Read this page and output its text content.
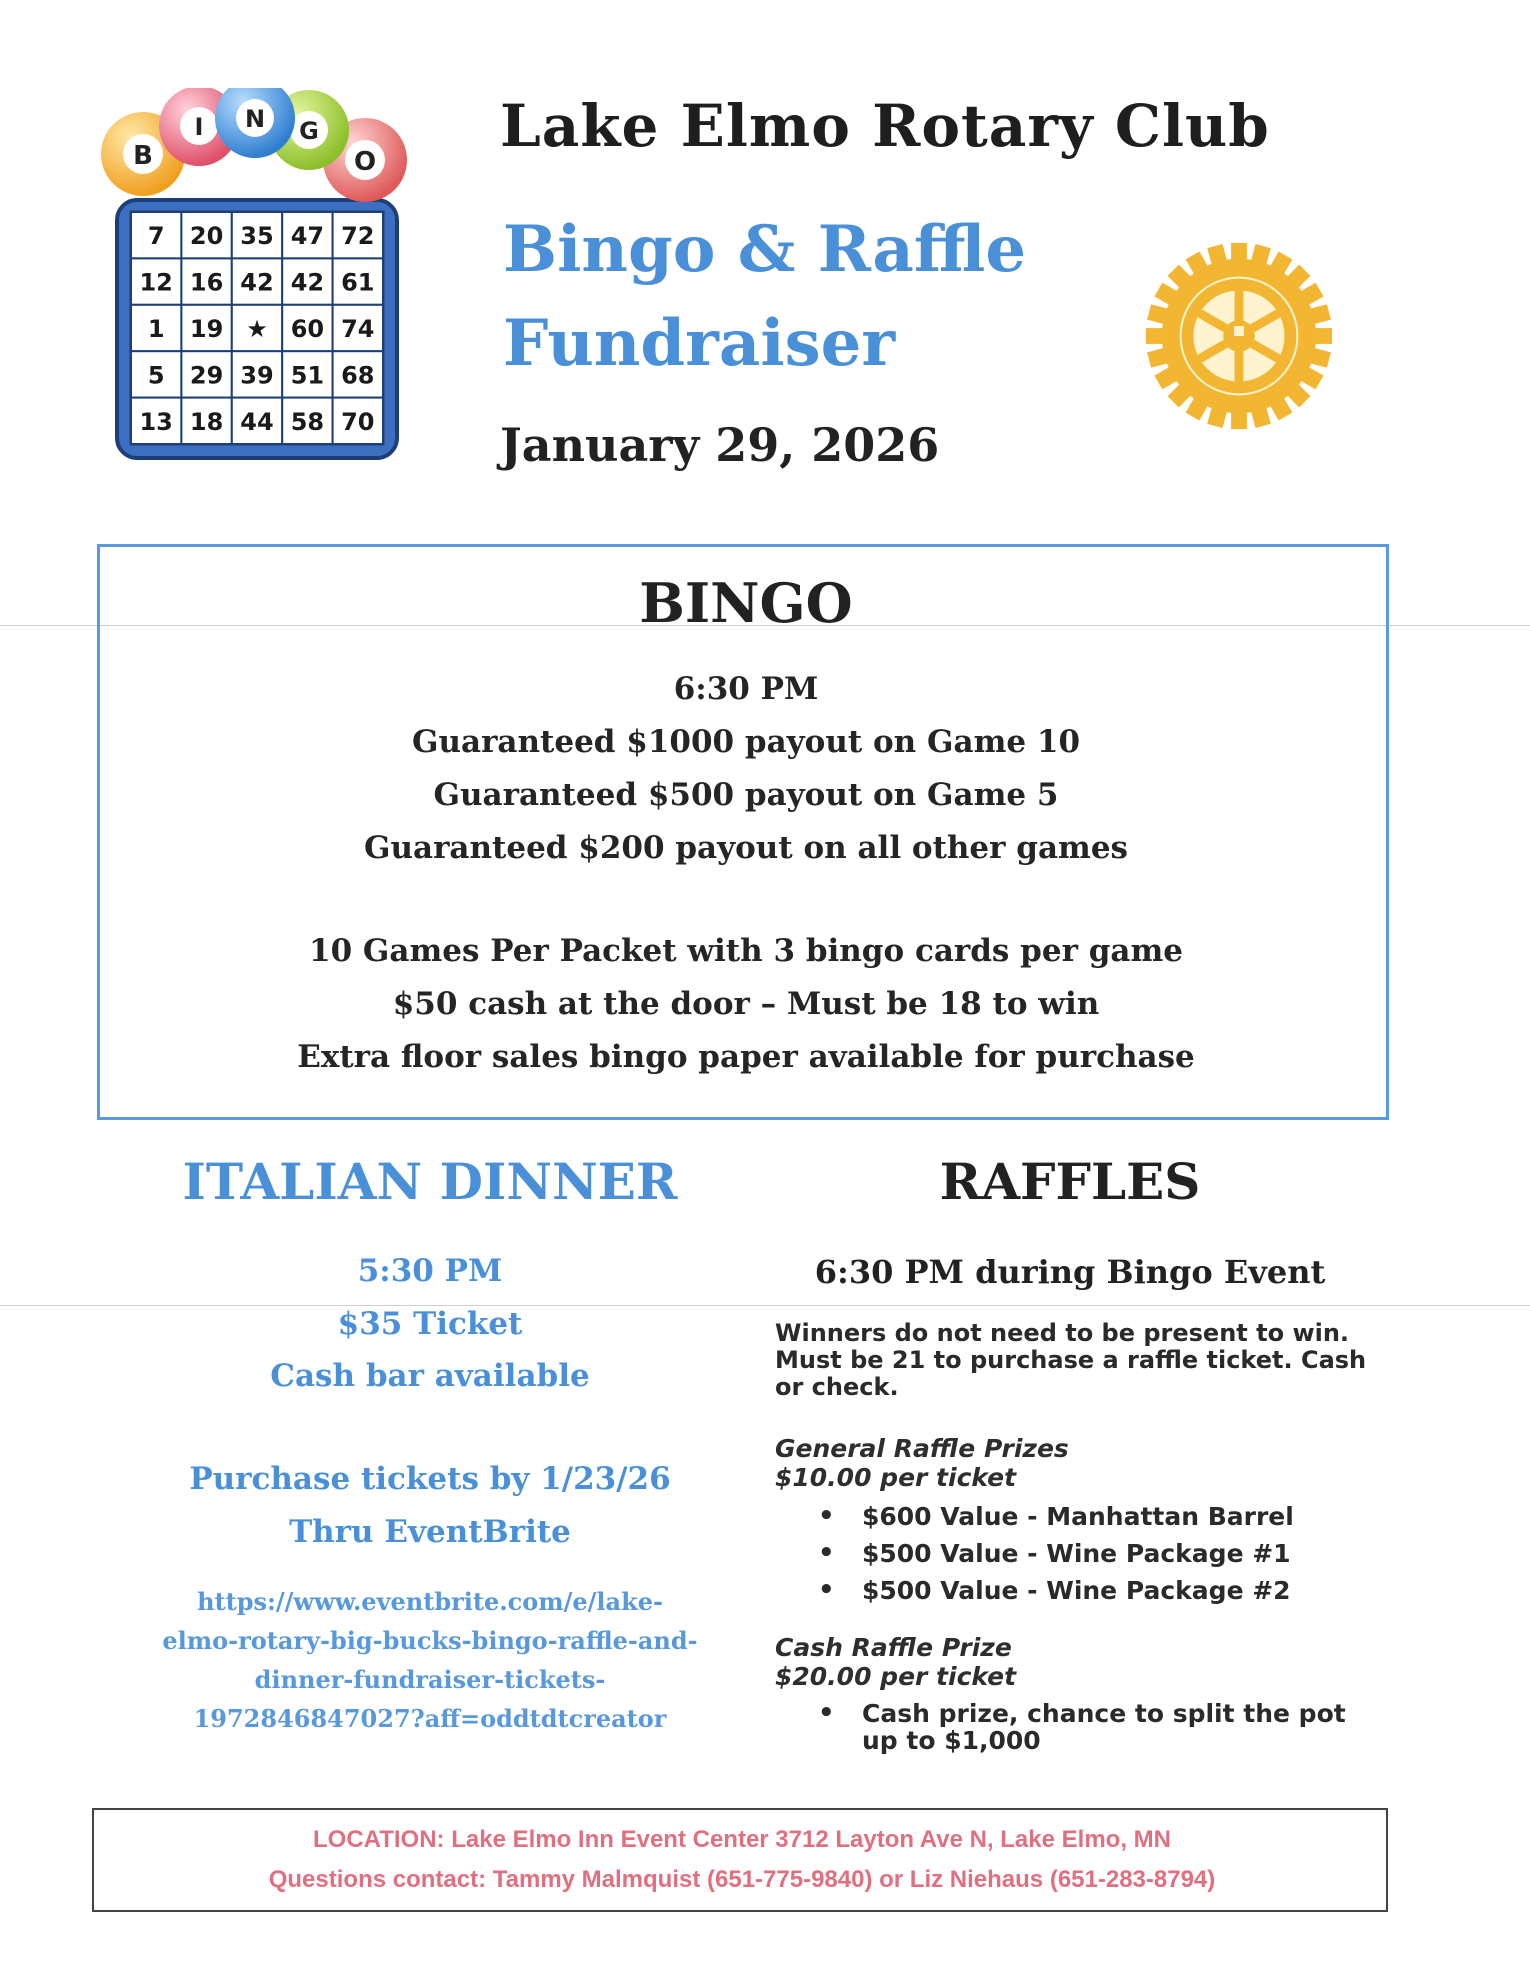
7 20 35 47 72
12 16 42 42 61
1 19 ★ 60 74
5 29 39 51 68
13 18 44 58 70
B	O
I	G
N	Lake Elmo Rotary Club
Bingo & Raffle
Fundraiser
January 29, 2026
BINGO
6:30 PM
Guaranteed $1000 payout on Game 10
Guaranteed $500 payout on Game 5
Guaranteed $200 payout on all other games
10 Games Per Packet with 3 bingo cards per game
$50 cash at the door – Must be 18 to win
Extra floor sales bingo paper available for purchase
ITALIAN DINNER
5:30 PM
$35 Ticket
Cash bar available
Purchase tickets by 1/23/26
Thru EventBrite
https://www.eventbrite.com/e/lake-
elmo-rotary-big-bucks-bingo-raffle-and-
dinner-fundraiser-tickets-
1972846847027?aff=oddtdtcreator
RAFFLES
6:30 PM during Bingo Event
Winners do not need to be present to win. Must be 21 to purchase a raffle ticket. Cash or check.
General Raffle Prizes
$10.00 per ticket
• $600 Value - Manhattan Barrel
• $500 Value - Wine Package #1
• $500 Value - Wine Package #2
Cash Raffle Prize
$20.00 per ticket
• Cash prize, chance to split the pot up to $1,000
LOCATION: Lake Elmo Inn Event Center 3712 Layton Ave N, Lake Elmo, MN
Questions contact: Tammy Malmquist (651-775-9840) or Liz Niehaus (651-283-8794)
